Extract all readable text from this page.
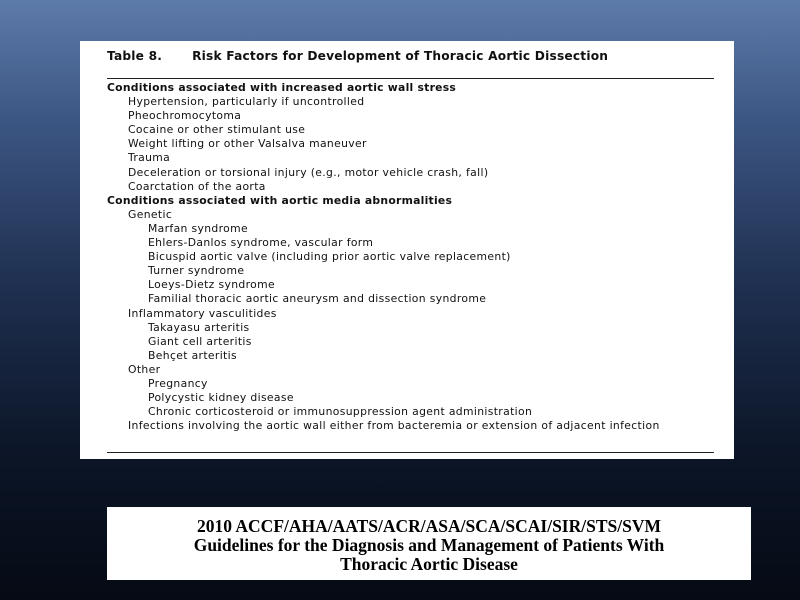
Table 8. Risk Factors for Development of Thoracic Aortic Dissection
Conditions associated with increased aortic wall stress
Hypertension, particularly if uncontrolled
Pheochromocytoma
Cocaine or other stimulant use
Weight lifting or other Valsalva maneuver
Trauma
Deceleration or torsional injury (e.g., motor vehicle crash, fall)
Coarctation of the aorta
Conditions associated with aortic media abnormalities
Genetic
Marfan syndrome
Ehlers-Danlos syndrome, vascular form
Bicuspid aortic valve (including prior aortic valve replacement)
Turner syndrome
Loeys-Dietz syndrome
Familial thoracic aortic aneurysm and dissection syndrome
Inflammatory vasculitides
Takayasu arteritis
Giant cell arteritis
Behçet arteritis
Other
Pregnancy
Polycystic kidney disease
Chronic corticosteroid or immunosuppression agent administration
Infections involving the aortic wall either from bacteremia or extension of adjacent infection
2010 ACCF/AHA/AATS/ACR/ASA/SCA/SCAI/SIR/STS/SVM
Guidelines for the Diagnosis and Management of Patients With
Thoracic Aortic Disease
